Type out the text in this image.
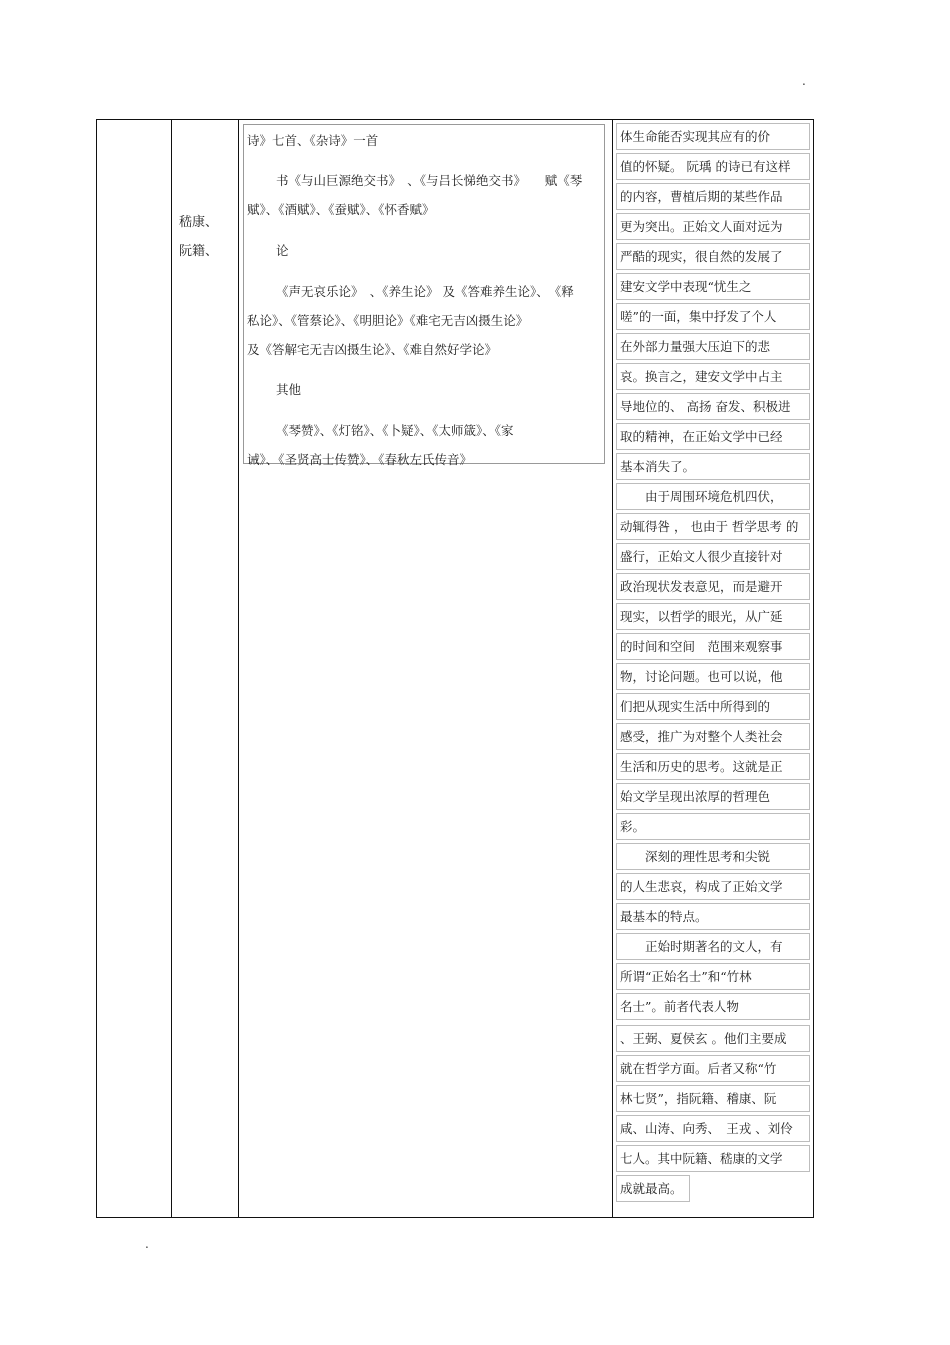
.
嵇康、
阮籍、
诗》七首、《杂诗》一首
书《与山巨源绝交书》　、《与吕长悌绝交书》　　赋《琴
赋》、《酒赋》、《蚕赋》、《怀香赋》
论
《声无哀乐论》　、《养生论》 及《答难养生论》、　《释
私论》、《管蔡论》、《明胆论》《难宅无吉凶摄生论》
及《答解宅无吉凶摄生论》、《难自然好学论》
其他
《琴赞》、《灯铭》、《卜疑》、《太师箴》、《家
诫》、《圣贤高士传赞》、《春秋左氏传音》
体生命能否实现其应有的价
值的怀疑。 阮瑀 的诗已有这样
的内容，曹植后期的某些作品
更为突出。正始文人面对远为
严酷的现实，很自然的发展了
建安文学中表现“忧生之
嗟”的一面，集中抒发了个人
在外部力量强大压迫下的悲
哀。换言之，建安文学中占主
导地位的、 高扬 奋发、积极进
取的精神，在正始文学中已经
基本消失了。
　　由于周围环境危机四伏，
动辄得咎 ， 也由于 哲学思考 的
盛行，正始文人很少直接针对
政治现状发表意见，而是避开
现实，以哲学的眼光，从广延
的时间和空间　范围来观察事
物，讨论问题。也可以说，他
们把从现实生活中所得到的
感受，推广为对整个人类社会
生活和历史的思考。这就是正
始文学呈现出浓厚的哲理色
彩。
　　深刻的理性思考和尖锐
的人生悲哀，构成了正始文学
最基本的特点。
　　正始时期著名的文人，有
所谓“正始名士”和“竹林
名士”。前者代表人物
、王弼、夏侯玄 。他们主要成
就在哲学方面。后者又称“竹
林七贤”，指阮籍、稽康、阮
咸、山涛、向秀、　王戎 、刘伶
七人。其中阮籍、嵇康的文学
成就最高。
.
